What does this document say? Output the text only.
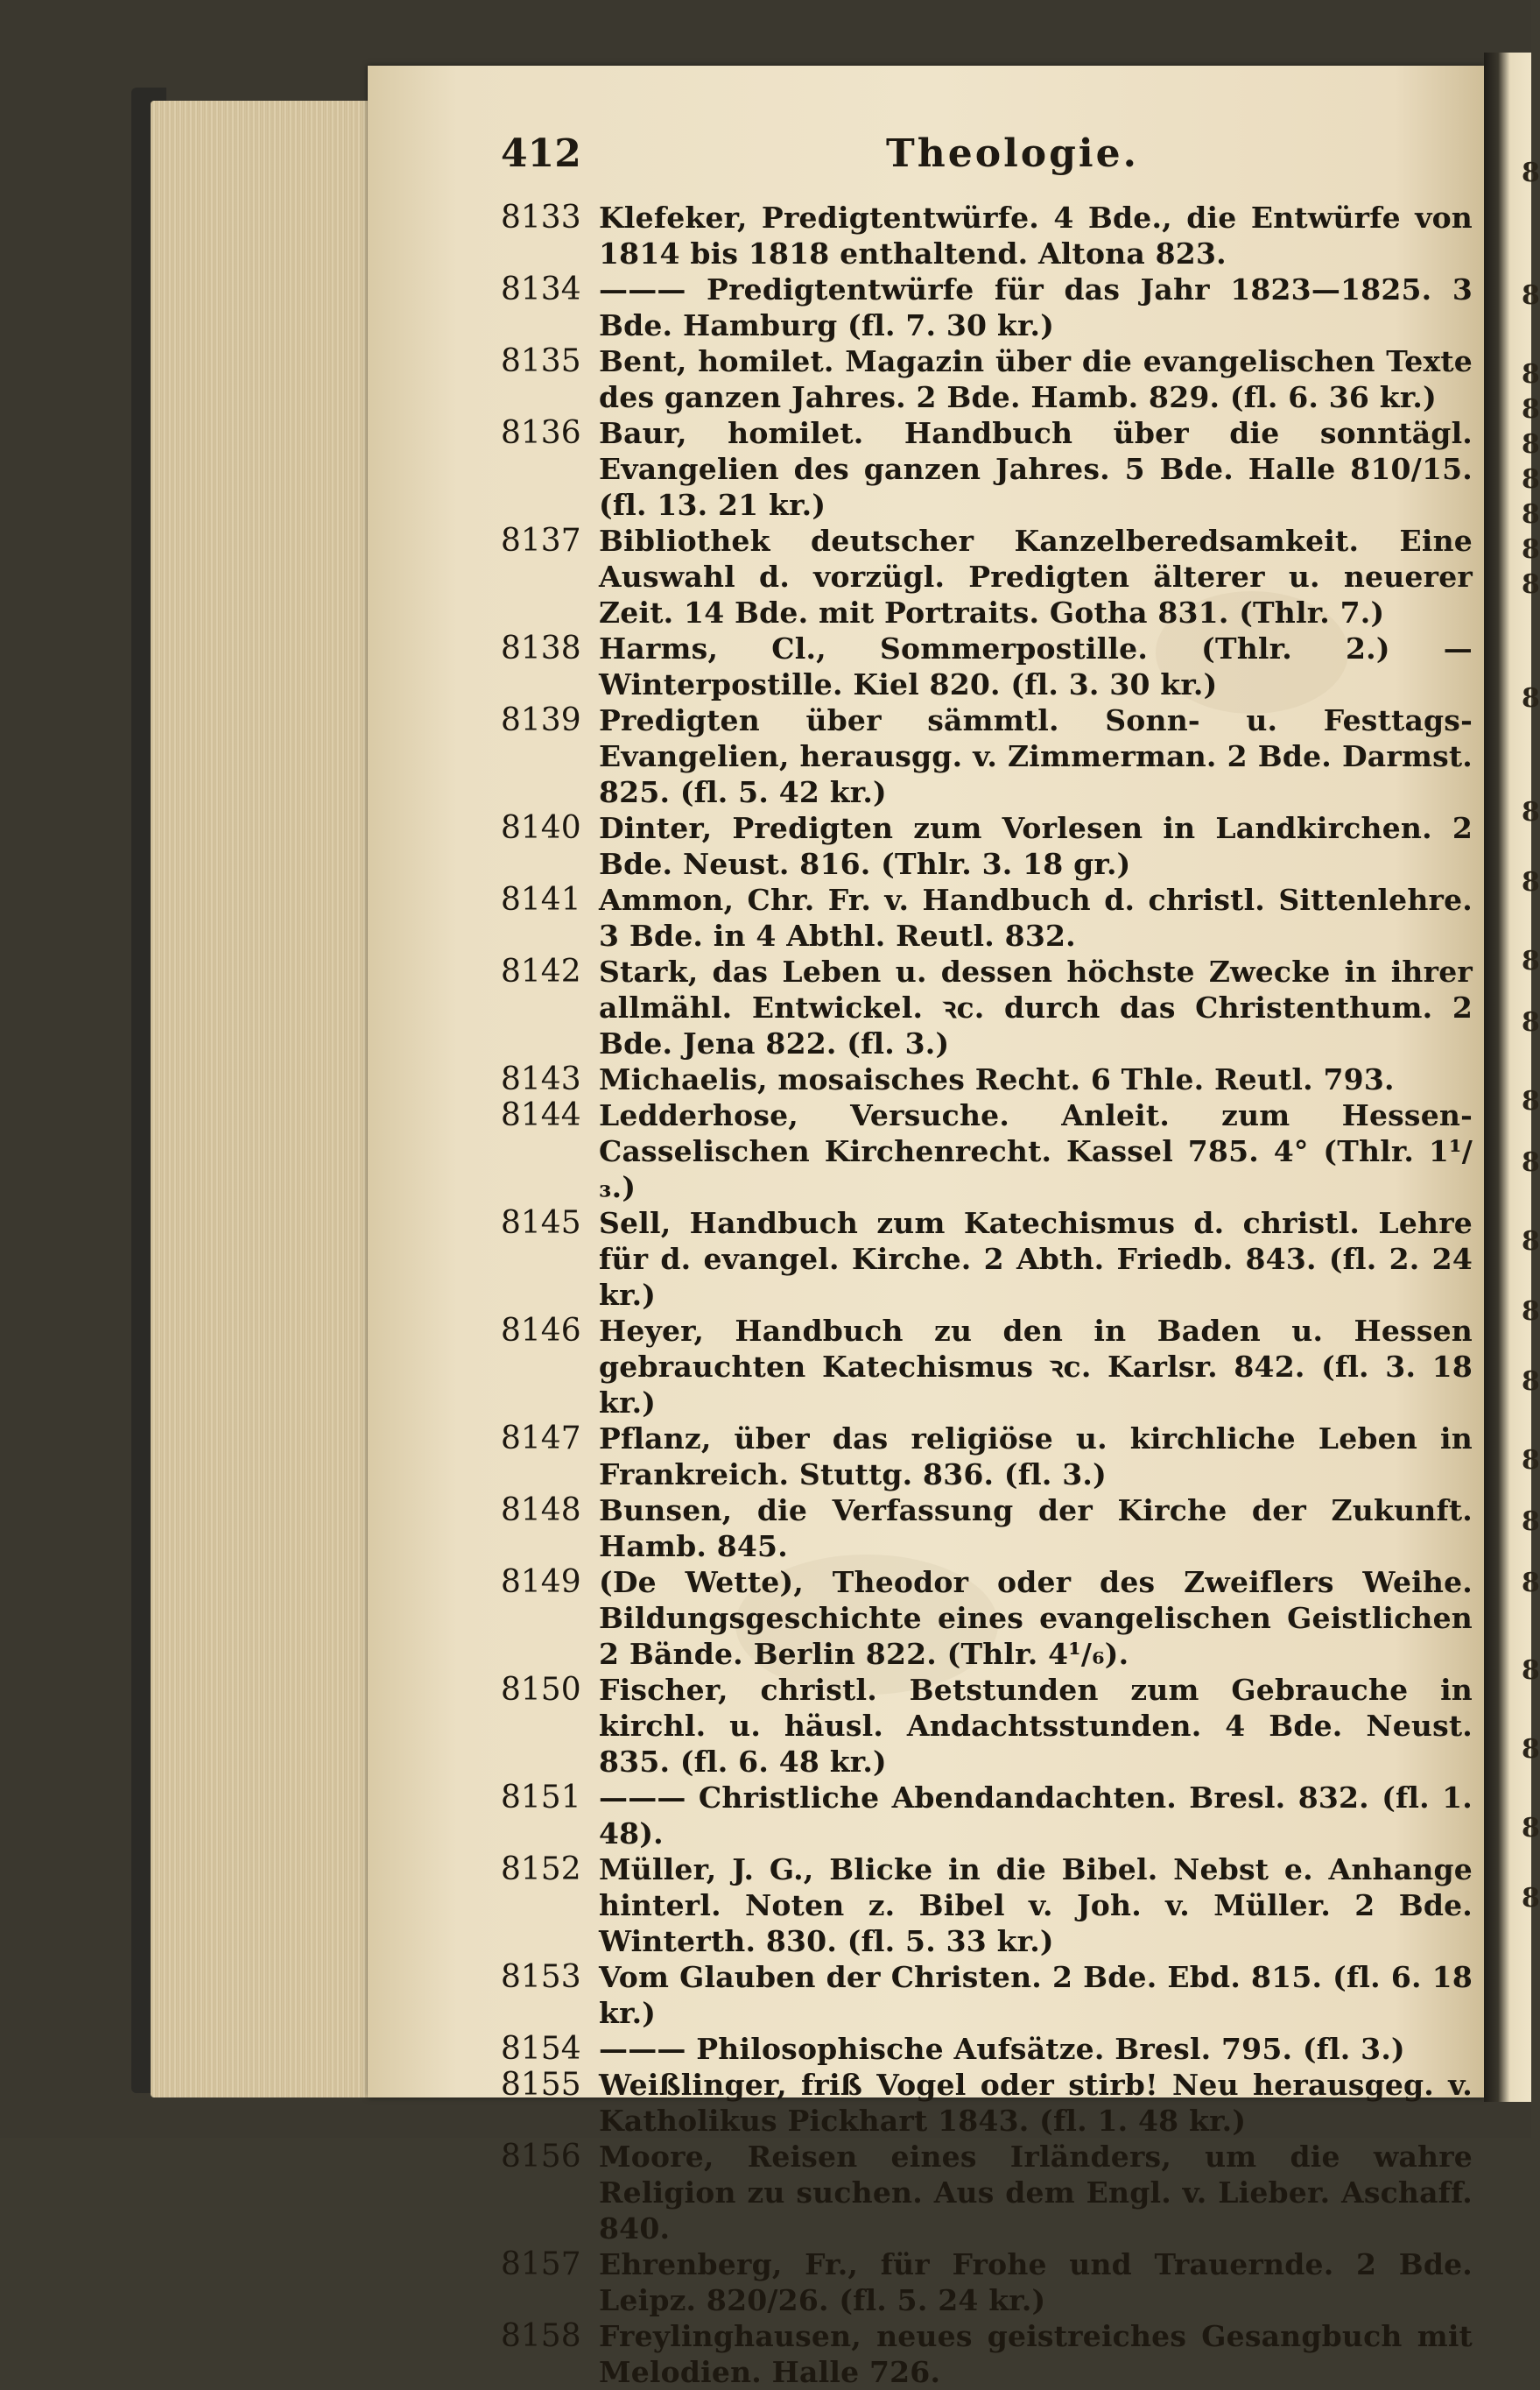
8
8
8
8
8
8
8
8
8
8
8
8
8
8
8
8
8
8
8
8
8
8
8
8
8
8
412	Theologie.
8133 Klefeker, Predigtentwürfe. 4 Bde., die Entwürfe von 1814 bis 1818 enthaltend. Altona 823.
8134 ——— Predigtentwürfe für das Jahr 1823—1825. 3 Bde. Hamburg (fl. 7. 30 kr.)
8135 Bent, homilet. Magazin über die evangelischen Texte des ganzen Jahres. 2 Bde. Hamb. 829. (fl. 6. 36 kr.)
8136 Baur, homilet. Handbuch über die sonntägl. Evangelien des ganzen Jahres. 5 Bde. Halle 810/15. (fl. 13. 21 kr.)
8137 Bibliothek deutscher Kanzelberedsamkeit. Eine Auswahl d. vorzügl. Predigten älterer u. neuerer Zeit. 14 Bde. mit Portraits. Gotha 831. (Thlr. 7.)
8138 Harms, Cl., Sommerpostille. (Thlr. 2.) —Winterpostille. Kiel 820. (fl. 3. 30 kr.)
8139 Predigten über sämmtl. Sonn- u. Festtags-Evangelien, herausgg. v. Zimmerman. 2 Bde. Darmst. 825. (fl. 5. 42 kr.)
8140 Dinter, Predigten zum Vorlesen in Landkirchen. 2 Bde. Neust. 816. (Thlr. 3. 18 gr.)
8141 Ammon, Chr. Fr. v. Handbuch d. christl. Sittenlehre. 3 Bde. in 4 Abthl. Reutl. 832.
8142 Stark, das Leben u. dessen höchste Zwecke in ihrer allmähl. Entwickel. ꝛc. durch das Christenthum. 2 Bde. Jena 822. (fl. 3.)
8143 Michaelis, mosaisches Recht. 6 Thle. Reutl. 793.
8144 Ledderhose, Versuche. Anleit. zum Hessen-Casselischen Kirchenrecht. Kassel 785. 4° (Thlr. 1¹/₃.)
8145 Sell, Handbuch zum Katechismus d. christl. Lehre für d. evangel. Kirche. 2 Abth. Friedb. 843. (fl. 2. 24 kr.)
8146 Heyer, Handbuch zu den in Baden u. Hessen gebrauchten Katechismus ꝛc. Karlsr. 842. (fl. 3. 18 kr.)
8147 Pflanz, über das religiöse u. kirchliche Leben in Frankreich. Stuttg. 836. (fl. 3.)
8148 Bunsen, die Verfassung der Kirche der Zukunft. Hamb. 845.
8149 (De Wette), Theodor oder des Zweiflers Weihe. Bildungsgeschichte eines evangelischen Geistlichen 2 Bände. Berlin 822. (Thlr. 4¹/₆).
8150 Fischer, christl. Betstunden zum Gebrauche in kirchl. u. häusl. Andachtsstunden. 4 Bde. Neust. 835. (fl. 6. 48 kr.)
8151 ——— Christliche Abendandachten. Bresl. 832. (fl. 1. 48).
8152 Müller, J. G., Blicke in die Bibel. Nebst e. Anhange hinterl. Noten z. Bibel v. Joh. v. Müller. 2 Bde. Winterth. 830. (fl. 5. 33 kr.)
8153 Vom Glauben der Christen. 2 Bde. Ebd. 815. (fl. 6. 18 kr.)
8154 ——— Philosophische Aufsätze. Bresl. 795. (fl. 3.)
8155 Weißlinger, friß Vogel oder stirb! Neu herausgeg. v. Katholikus Pickhart 1843. (fl. 1. 48 kr.)
8156 Moore, Reisen eines Irländers, um die wahre Religion zu suchen. Aus dem Engl. v. Lieber. Aschaff. 840.
8157 Ehrenberg, Fr., für Frohe und Trauernde. 2 Bde. Leipz. 820/26. (fl. 5. 24 kr.)
8158 Freylinghausen, neues geistreiches Gesangbuch mit Melodien. Halle 726.
